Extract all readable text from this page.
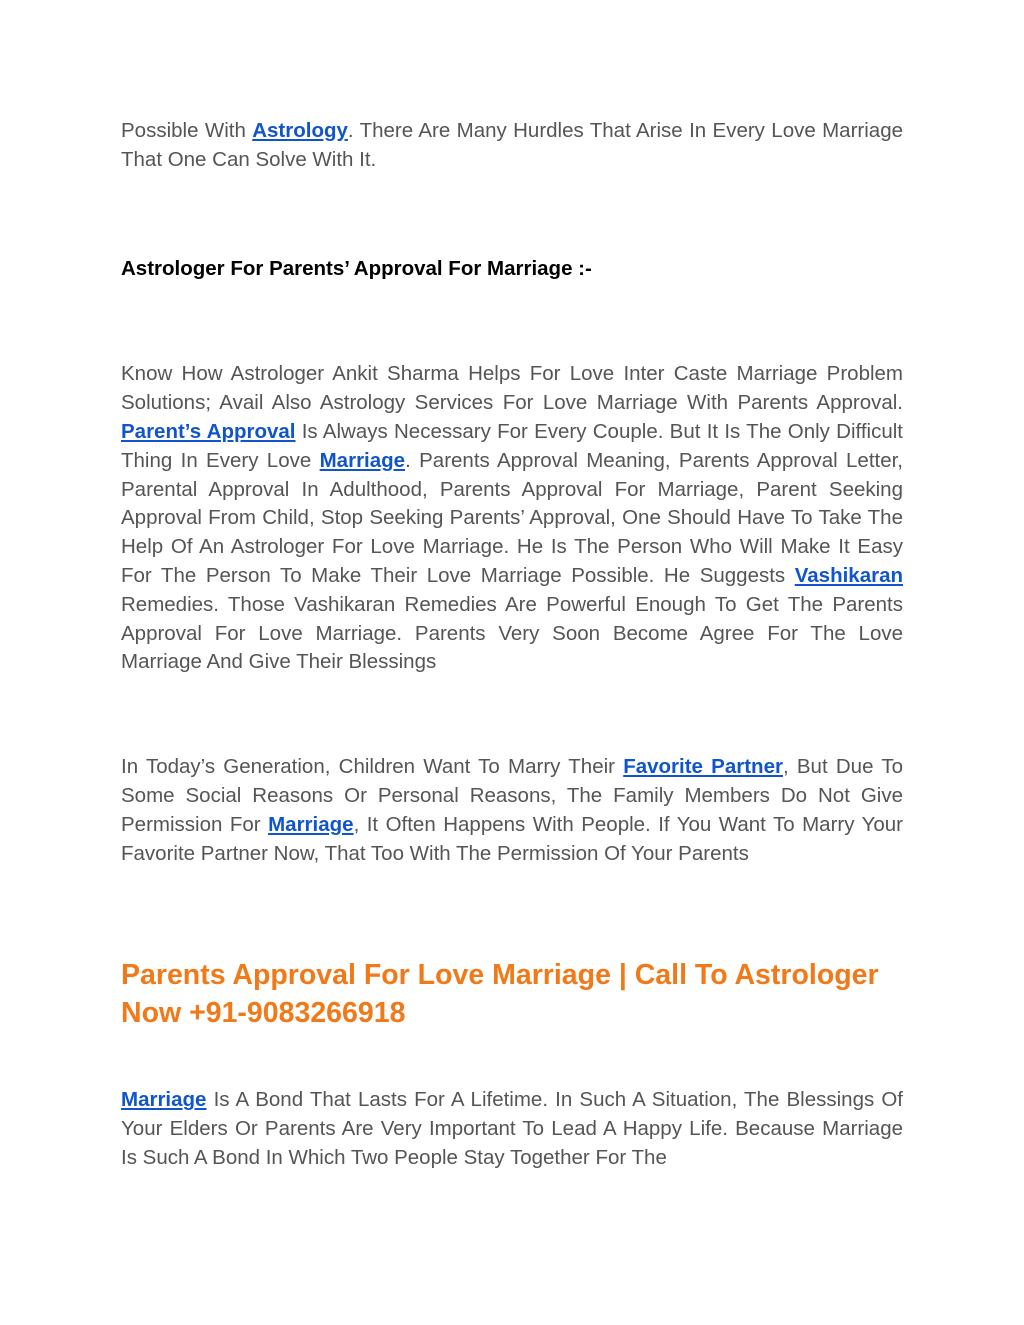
Possible With Astrology. There Are Many Hurdles That Arise In Every Love Marriage That One Can Solve With It.

Astrologer For Parents’ Approval For Marriage :-

Know How Astrologer Ankit Sharma Helps For Love Inter Caste Marriage Problem Solutions; Avail Also Astrology Services For Love Marriage With Parents Approval. Parent’s Approval Is Always Necessary For Every Couple. But It Is The Only Difficult Thing In Every Love Marriage. Parents Approval Meaning, Parents Approval Letter, Parental Approval In Adulthood, Parents Approval For Marriage, Parent Seeking Approval From Child, Stop Seeking Parents’ Approval, One Should Have To Take The Help Of An Astrologer For Love Marriage. He Is The Person Who Will Make It Easy For The Person To Make Their Love Marriage Possible. He Suggests Vashikaran Remedies. Those Vashikaran Remedies Are Powerful Enough To Get The Parents Approval For Love Marriage. Parents Very Soon Become Agree For The Love Marriage And Give Their Blessings

In Today’s Generation, Children Want To Marry Their Favorite Partner, But Due To Some Social Reasons Or Personal Reasons, The Family Members Do Not Give Permission For Marriage, It Often Happens With People. If You Want To Marry Your Favorite Partner Now, That Too With The Permission Of Your Parents

Parents Approval For Love Marriage | Call To Astrologer Now +91-9083266918

Marriage Is A Bond That Lasts For A Lifetime. In Such A Situation, The Blessings Of Your Elders Or Parents Are Very Important To Lead A Happy Life. Because Marriage Is Such A Bond In Which Two People Stay Together For The
